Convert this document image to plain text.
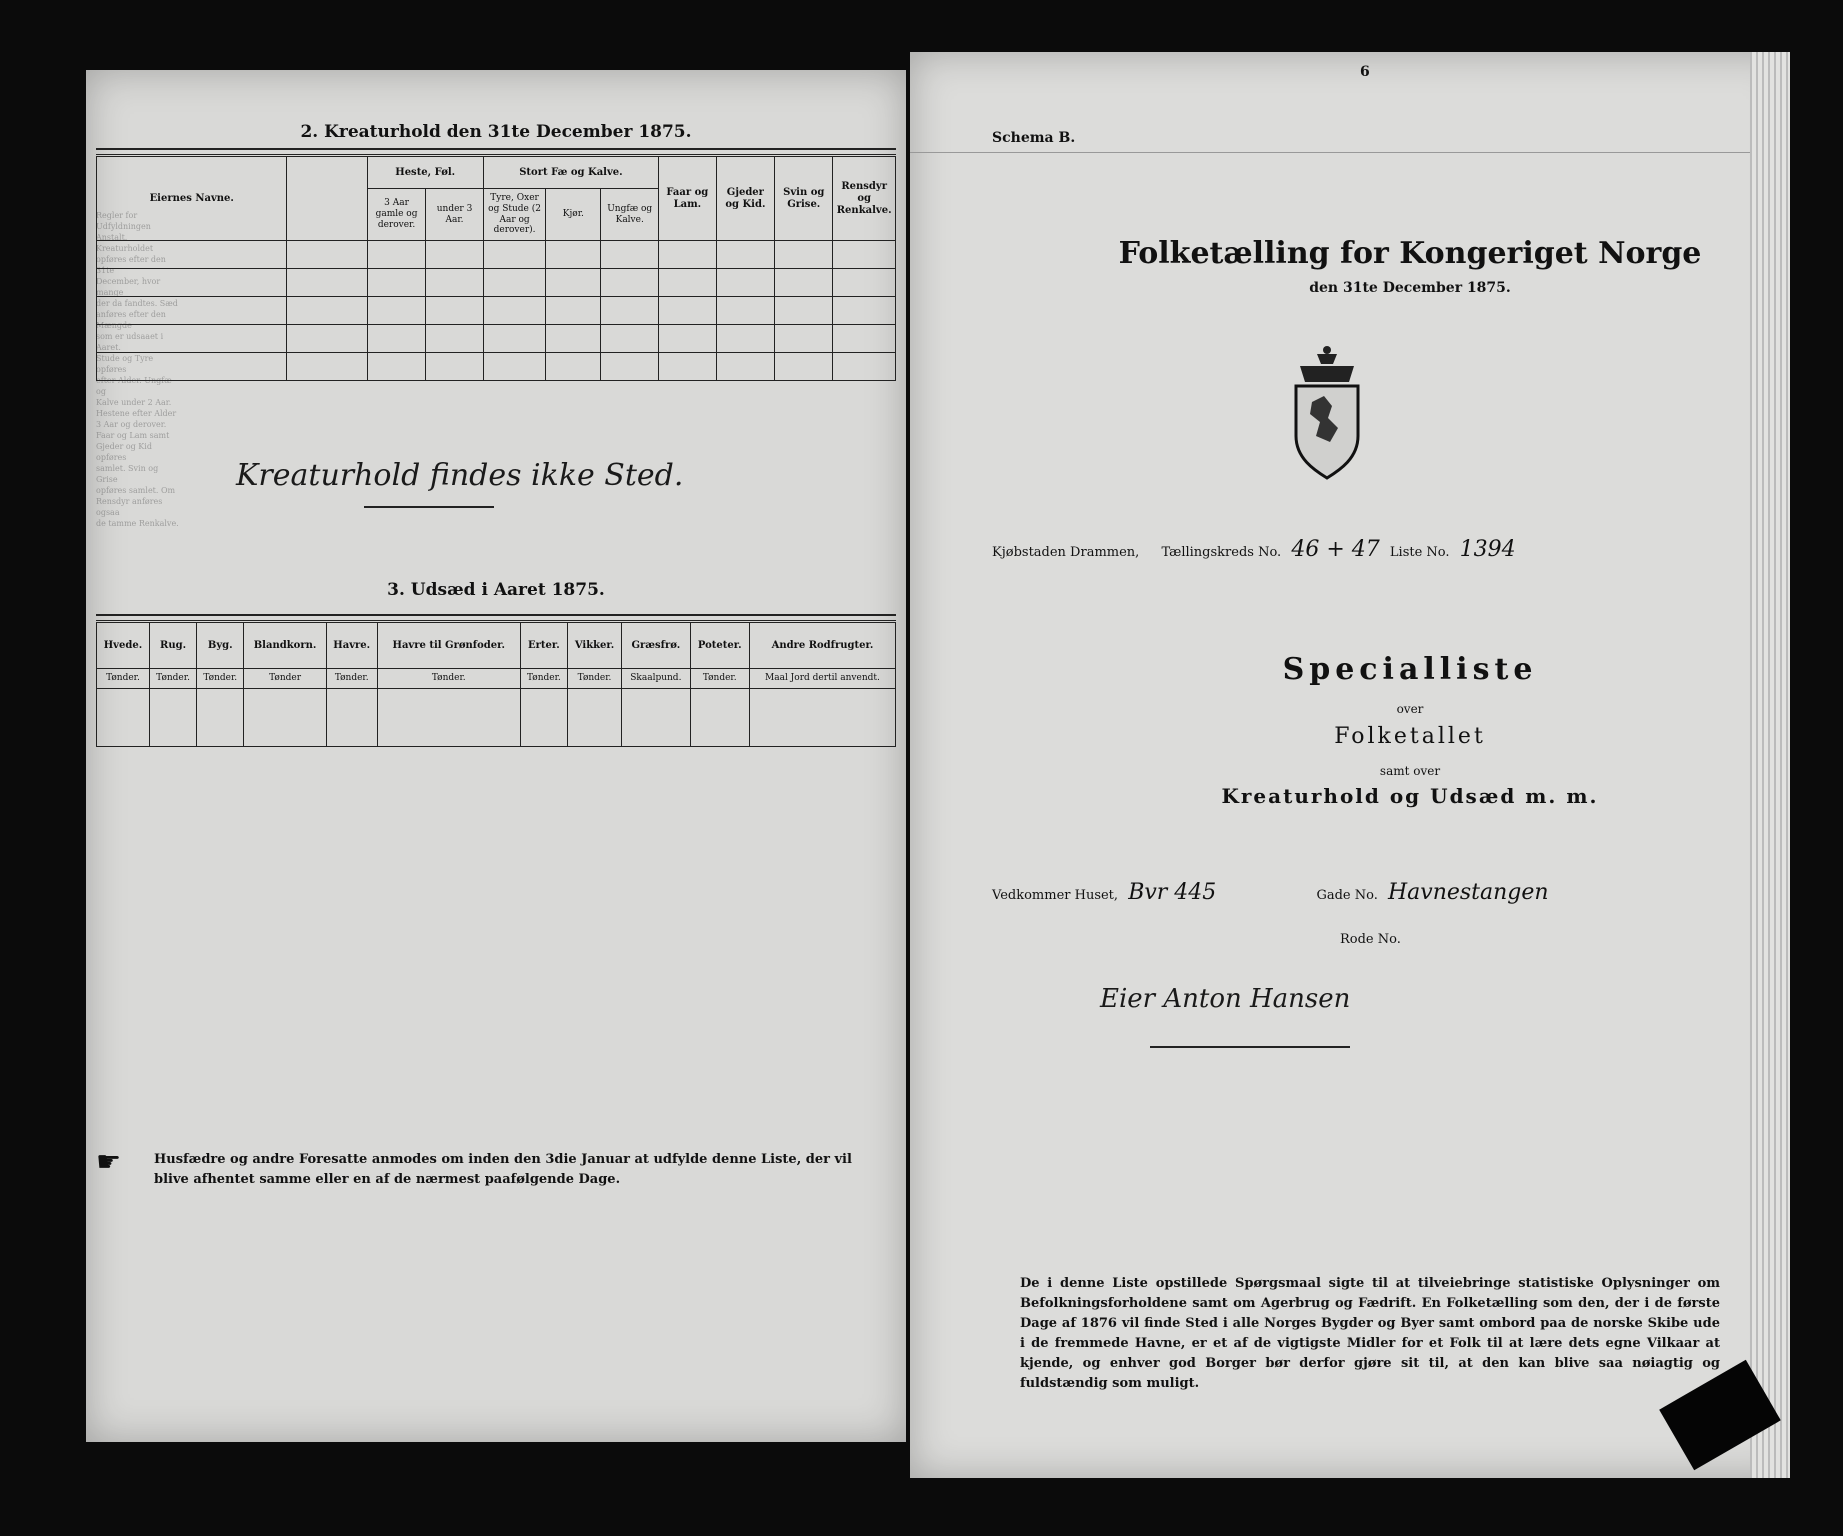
Regler for Udfyldningen
Anstalt. Kreaturholdet
opføres efter den 31te
December, hvor mange
der da fandtes. Sæd
anføres efter den Mængde
som er udsaaet i Aaret.
Stude og Tyre opføres
efter Alder. Ungfæ og
Kalve under 2 Aar.
Hestene efter Alder
3 Aar og derover.
Faar og Lam samt
Gjeder og Kid opføres
samlet. Svin og Grise
opføres samlet. Om
Rensdyr anføres ogsaa
de tamme Renkalve.
2. Kreaturhold den 31te December 1875.
Eiernes Navne.		Heste, Føl.		Stort Fæ og Kalve.			Faar og Lam.	Gjeder og Kid.	Svin og Grise.	Rensdyr og Renkalve.
		3 Aar gamle og derover.	under 3 Aar.	Tyre, Oxer og Stude (2 Aar og derover).	Kjør.	Ungfæ og Kalve.				

Kreaturhold findes ikke Sted.
3. Udsæd i Aaret 1875.
Hvede.	Rug.	Byg.	Blandkorn.	Havre.	Havre til Grønfoder.	Erter.	Vikker.	Græsfrø.	Poteter.	Andre Rodfrugter.
Tønder.	Tønder.	Tønder.	Tønder	Tønder.	Tønder.	Tønder.	Tønder.	Skaalpund.	Tønder.	Maal Jord dertil anvendt.

☛	Husfædre og andre Foresatte anmodes om inden den 3die Januar at udfylde denne Liste, der vil blive afhentet samme eller en af de nærmest paafølgende Dage.
6
Schema B.
Folketælling for Kongeriget Norge
den 31te December 1875.
Kjøbstaden Drammen, Tællingskreds No. 46 + 47 Liste No. 1394
Specialliste
over
Folketallet
samt over
Kreaturhold og Udsæd m. m.
Vedkommer Huset, Bvr 445	Gade No. Havnestangen
Rode No.
Eier Anton Hansen
De i denne Liste opstillede Spørgsmaal sigte til at tilveiebringe statistiske Oplysninger om Befolkningsforholdene samt om Agerbrug og Fædrift. En Folketælling som den, der i de første Dage af 1876 vil finde Sted i alle Norges Bygder og Byer samt ombord paa de norske Skibe ude i de fremmede Havne, er et af de vigtigste Midler for et Folk til at lære dets egne Vilkaar at kjende, og enhver god Borger bør derfor gjøre sit til, at den kan blive saa nøiagtig og fuldstændig som muligt.
